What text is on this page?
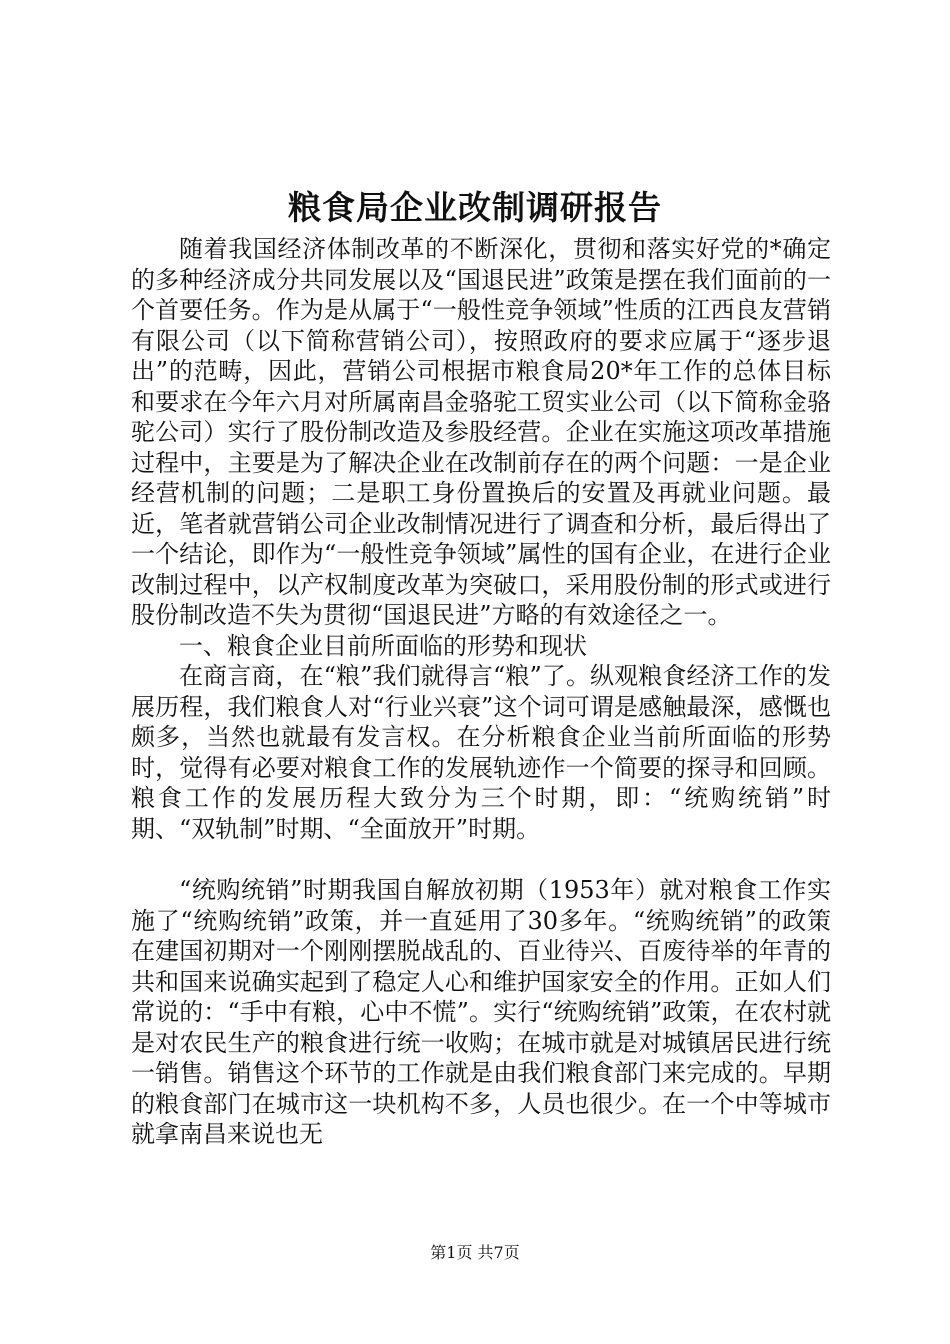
粮食局企业改制调研报告

随着我国经济体制改革的不断深化，贯彻和落实好党的*确定的多种经济成分共同发展以及“国退民进”政策是摆在我们面前的一个首要任务。作为是从属于“一般性竞争领域”性质的江西良友营销有限公司（以下简称营销公司），按照政府的要求应属于“逐步退出”的范畴，因此，营销公司根据市粮食局20*年工作的总体目标和要求在今年六月对所属南昌金骆驼工贸实业公司（以下简称金骆驼公司）实行了股份制改造及参股经营。企业在实施这项改革措施过程中，主要是为了解决企业在改制前存在的两个问题：一是企业经营机制的问题；二是职工身份置换后的安置及再就业问题。最近，笔者就营销公司企业改制情况进行了调查和分析，最后得出了一个结论，即作为“一般性竞争领域”属性的国有企业，在进行企业改制过程中，以产权制度改革为突破口，采用股份制的形式或进行股份制改造不失为贯彻“国退民进”方略的有效途径之一。

一、粮食企业目前所面临的形势和现状

在商言商，在“粮”我们就得言“粮”了。纵观粮食经济工作的发展历程，我们粮食人对“行业兴衰”这个词可谓是感触最深，感慨也颇多，当然也就最有发言权。在分析粮食企业当前所面临的形势时，觉得有必要对粮食工作的发展轨迹作一个简要的探寻和回顾。粮食工作的发展历程大致分为三个时期，即：“统购统销”时期、“双轨制”时期、“全面放开”时期。

“统购统销”时期我国自解放初期（1953年）就对粮食工作实施了“统购统销”政策，并一直延用了30多年。“统购统销”的政策在建国初期对一个刚刚摆脱战乱的、百业待兴、百废待举的年青的共和国来说确实起到了稳定人心和维护国家安全的作用。正如人们常说的：“手中有粮，心中不慌”。实行“统购统销”政策，在农村就是对农民生产的粮食进行统一收购；在城市就是对城镇居民进行统一销售。销售这个环节的工作就是由我们粮食部门来完成的。早期的粮食部门在城市这一块机构不多，人员也很少。在一个中等城市就拿南昌来说也无

第1页 共7页
